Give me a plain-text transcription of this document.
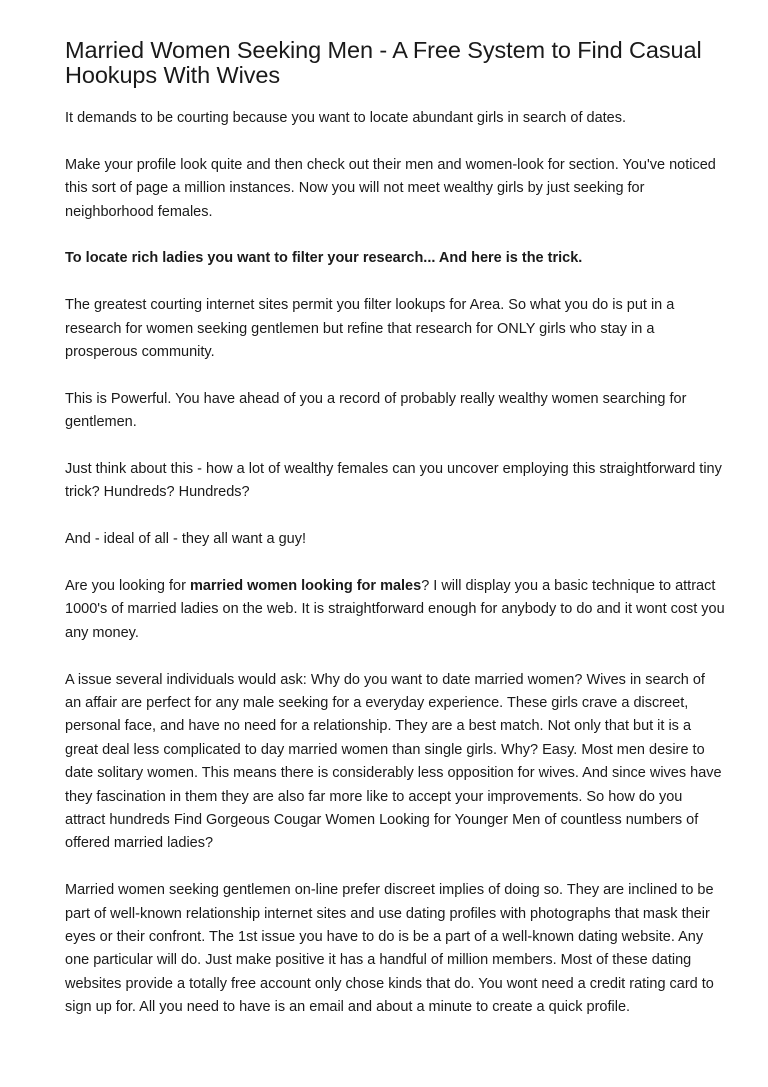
Married Women Seeking Men - A Free System to Find Casual Hookups With Wives

It demands to be courting because you want to locate abundant girls in search of dates.

Make your profile look quite and then check out their men and women-look for section. You've noticed this sort of page a million instances. Now you will not meet wealthy girls by just seeking for neighborhood females.

To locate rich ladies you want to filter your research... And here is the trick.

The greatest courting internet sites permit you filter lookups for Area. So what you do is put in a research for women seeking gentlemen but refine that research for ONLY girls who stay in a prosperous community.

This is Powerful. You have ahead of you a record of probably really wealthy women searching for gentlemen.

Just think about this - how a lot of wealthy females can you uncover employing this straightforward tiny trick? Hundreds? Hundreds?

And - ideal of all - they all want a guy!

Are you looking for married women looking for males? I will display you a basic technique to attract 1000's of married ladies on the web. It is straightforward enough for anybody to do and it wont cost you any money.

A issue several individuals would ask: Why do you want to date married women? Wives in search of an affair are perfect for any male seeking for a everyday experience. These girls crave a discreet, personal face, and have no need for a relationship. They are a best match. Not only that but it is a great deal less complicated to day married women than single girls. Why? Easy. Most men desire to date solitary women. This means there is considerably less opposition for wives. And since wives have they fascination in them they are also far more like to accept your improvements. So how do you attract hundreds Find Gorgeous Cougar Women Looking for Younger Men of countless numbers of offered married ladies?

Married women seeking gentlemen on-line prefer discreet implies of doing so. They are inclined to be part of well-known relationship internet sites and use dating profiles with photographs that mask their eyes or their confront. The 1st issue you have to do is be a part of a well-known dating website. Any one particular will do. Just make positive it has a handful of million members. Most of these dating websites provide a totally free account only chose kinds that do. You wont need a credit rating card to sign up for. All you need to have is an email and about a minute to create a quick profile.
